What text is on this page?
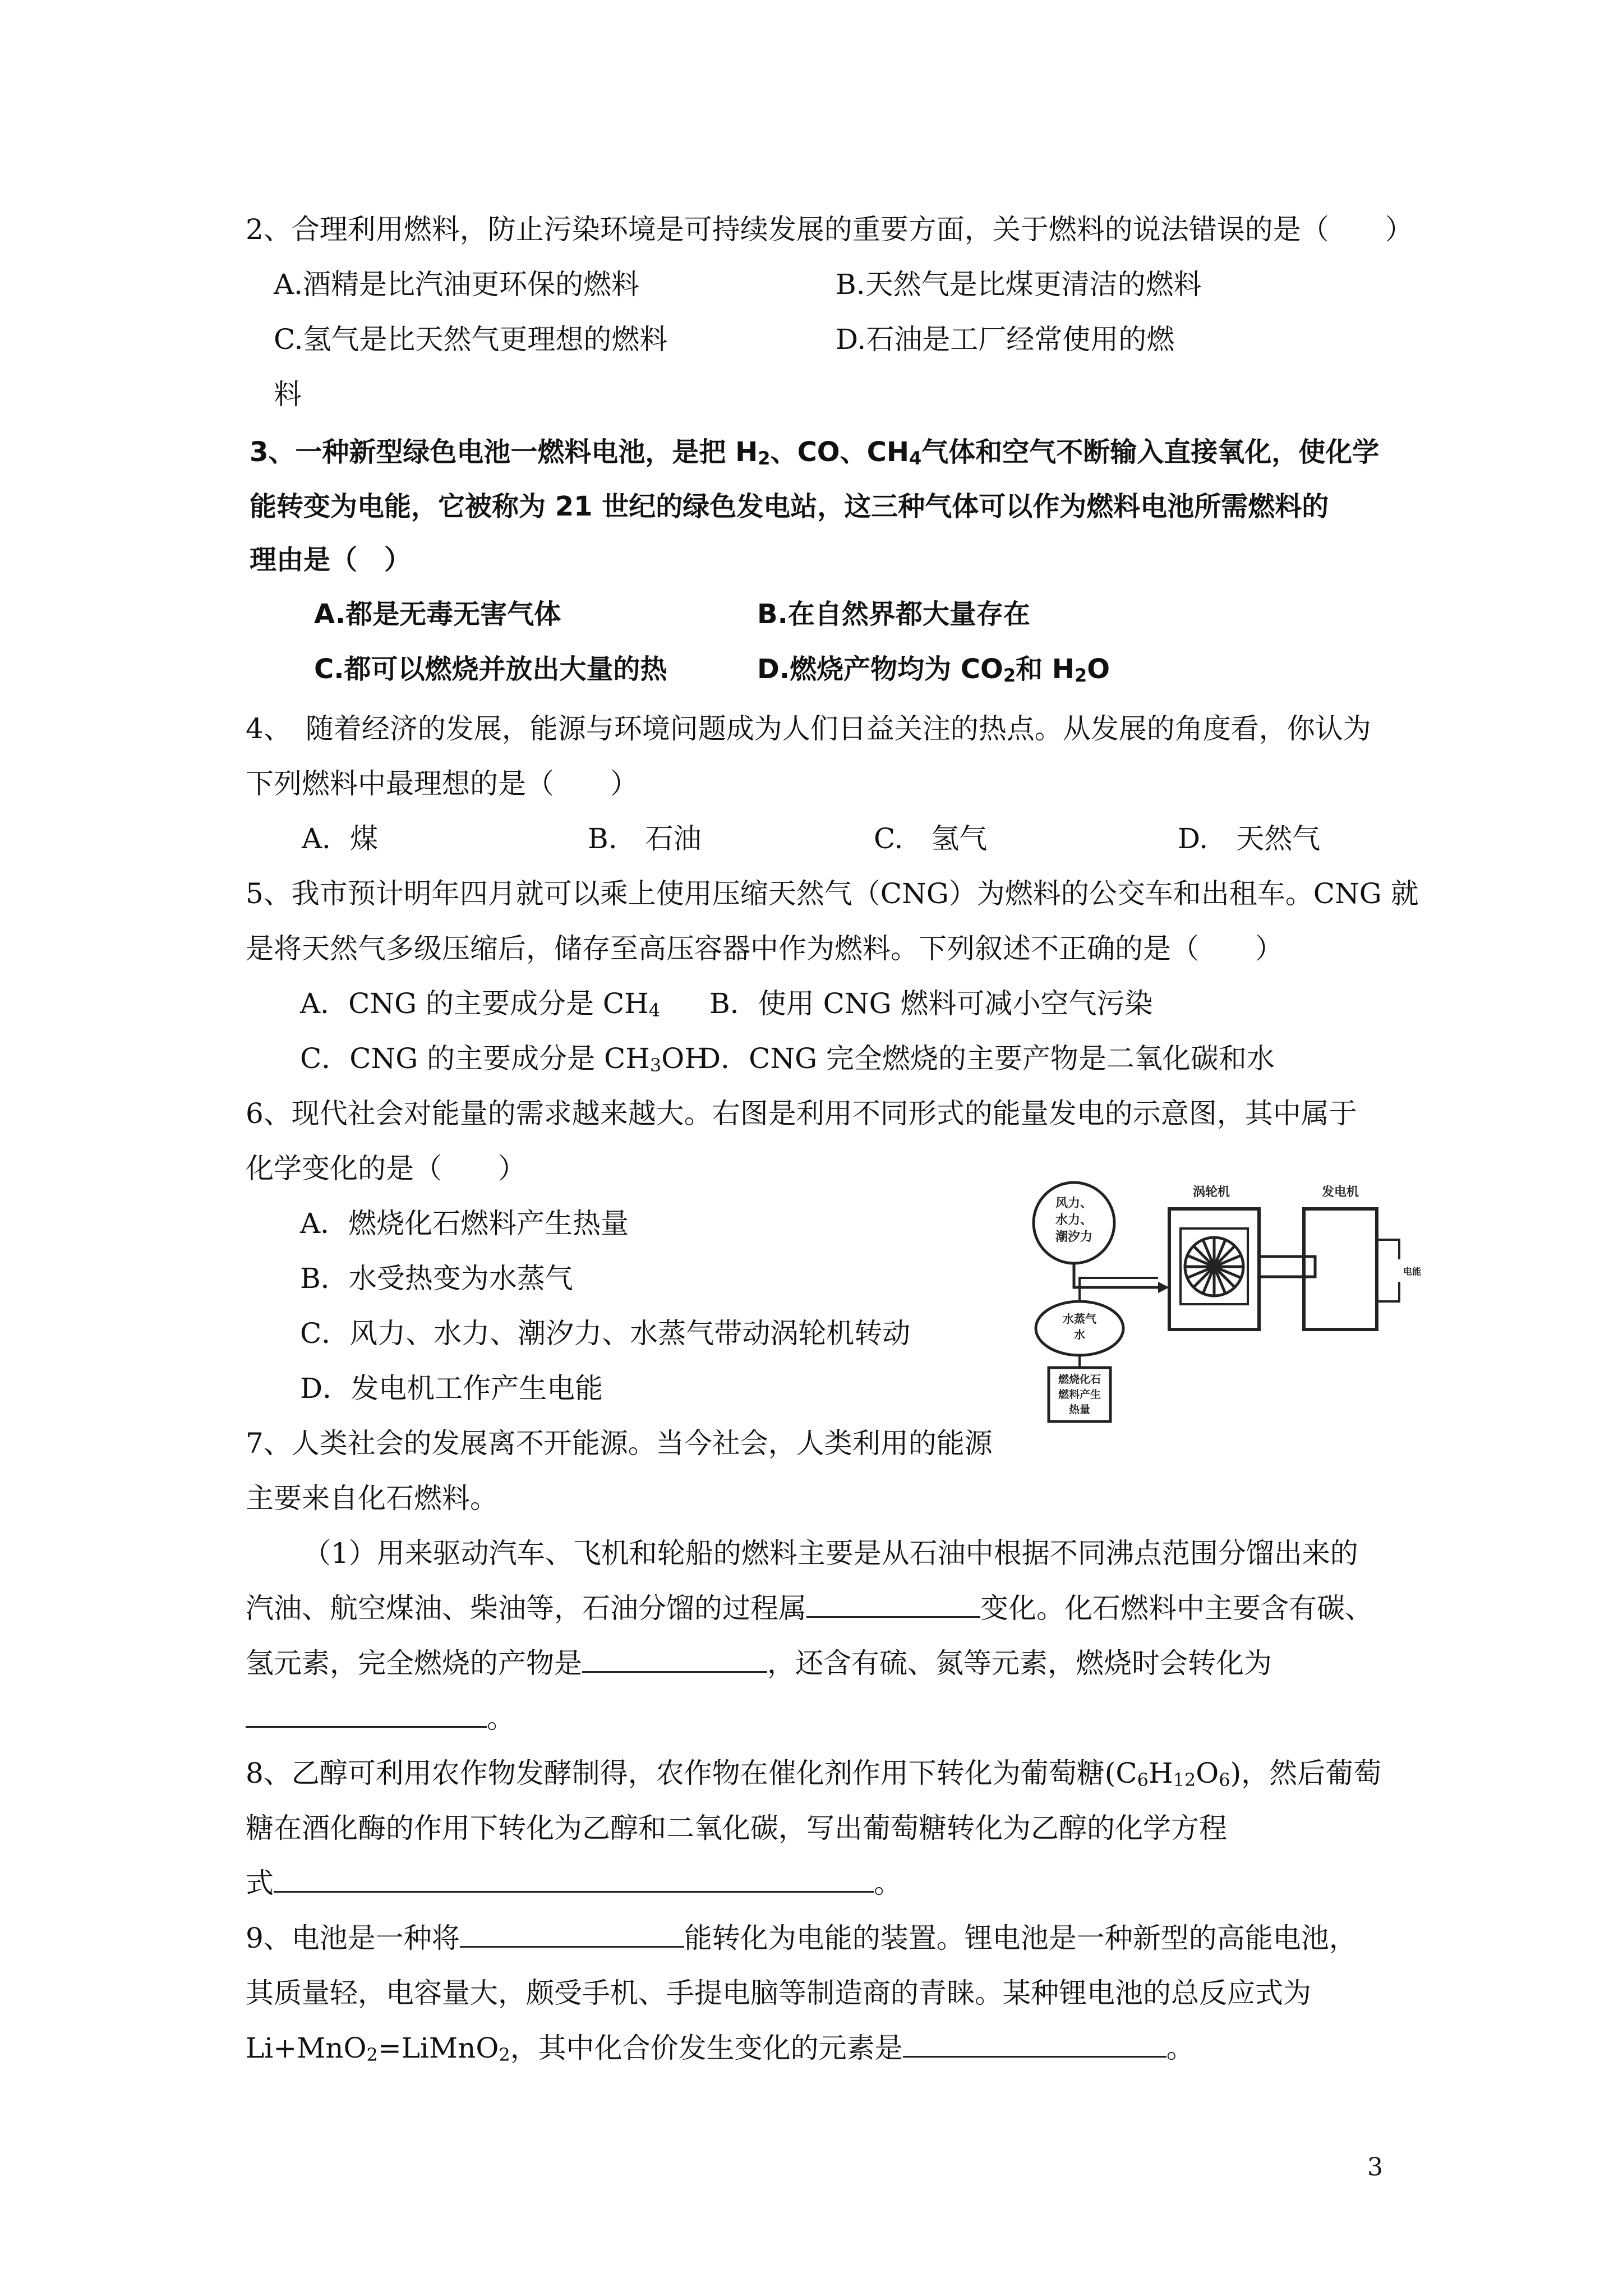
2、合理利用燃料，防止污染环境是可持续发展的重要方面，关于燃料的说法错误的是（　　）
A.酒精是比汽油更环保的燃料	B.天然气是比煤更清洁的燃料
C.氢气是比天然气更理想的燃料	D.石油是工厂经常使用的燃
料
3、一种新型绿色电池一燃料电池，是把 $H_2$、CO、$CH_4$气体和空气不断输入直接氧化，使化学
能转变为电能，它被称为 21 世纪的绿色发电站，这三种气体可以作为燃料电池所需燃料的
理由是（　）
A.都是无毒无害气体	B.在自然界都大量存在
C.都可以燃烧并放出大量的热	D.燃烧产物均为 $CO_2$和 $H_2O$
4、　随着经济的发展，能源与环境问题成为人们日益关注的热点。从发展的角度看，你认为
下列燃料中最理想的是（　　）
A．煤	B.　石油	C.　氢气	D.　天然气
5、我市预计明年四月就可以乘上使用压缩天然气（CNG）为燃料的公交车和出租车。CNG 就
是将天然气多级压缩后，储存至高压容器中作为燃料。下列叙述不正确的是（　　）
A．CNG 的主要成分是 $CH_4$ B．使用 CNG 燃料可减小空气污染
C．CNG 的主要成分是 $CH_3OH$
D．CNG 完全燃烧的主要产物是二氧化碳和水
6、现代社会对能量的需求越来越大。右图是利用不同形式的能量发电的示意图，其中属于
化学变化的是（　　）
A．燃烧化石燃料产生热量
B．水受热变为水蒸气
C．风力、水力、潮汐力、水蒸气带动涡轮机转动
D．发电机工作产生电能
风力、
水力、
潮汐力
涡轮机	发电机
电能
水蒸气
水
燃烧化石
燃料产生
热量
7、人类社会的发展离不开能源。当今社会，人类利用的能源
主要来自化石燃料。
（1）用来驱动汽车、飞机和轮船的燃料主要是从石油中根据不同沸点范围分馏出来的
汽油、航空煤油、柴油等，石油分馏的过程属	变化。化石燃料中主要含有碳、
氢元素，完全燃烧的产物是	，还含有硫、氮等元素，燃烧时会转化为
。
8、乙醇可利用农作物发酵制得，农作物在催化剂作用下转化为葡萄糖$(C_6H_{12}O_6)$，然后葡萄
糖在酒化酶的作用下转化为乙醇和二氧化碳，写出葡萄糖转化为乙醇的化学方程
式	。
9、电池是一种将	能转化为电能的装置。锂电池是一种新型的高能电池，
其质量轻，电容量大，颇受手机、手提电脑等制造商的青睐。某种锂电池的总反应式为
Li+MnO$_2$=LiMnO$_2$，其中化合价发生变化的元素是	。
3
